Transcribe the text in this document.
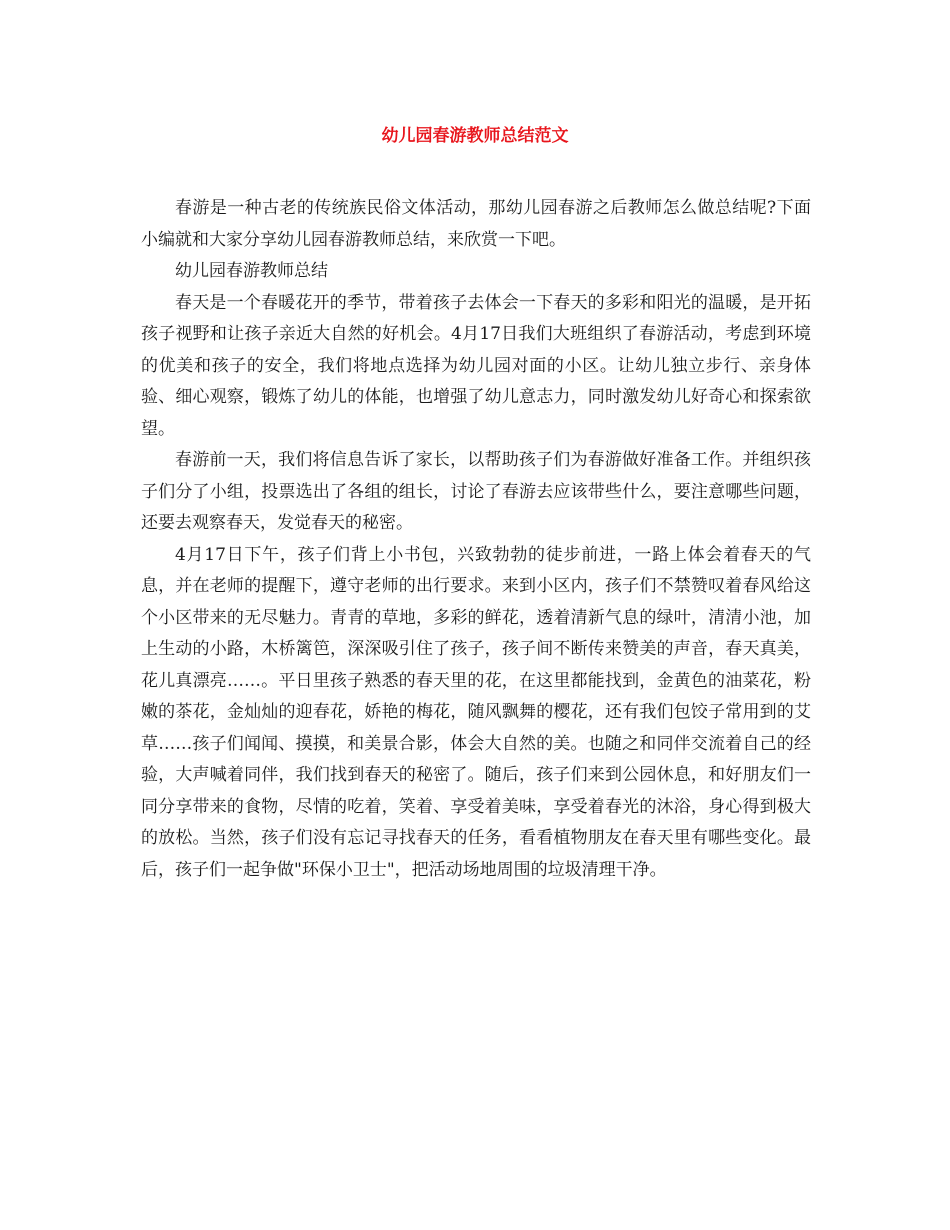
幼儿园春游教师总结范文

春游是一种古老的传统族民俗文体活动，那幼儿园春游之后教师怎么做总结呢?下面小编就和大家分享幼儿园春游教师总结，来欣赏一下吧。

幼儿园春游教师总结

春天是一个春暖花开的季节，带着孩子去体会一下春天的多彩和阳光的温暖，是开拓孩子视野和让孩子亲近大自然的好机会。4月17日我们大班组织了春游活动，考虑到环境的优美和孩子的安全，我们将地点选择为幼儿园对面的小区。让幼儿独立步行、亲身体验、细心观察，锻炼了幼儿的体能，也增强了幼儿意志力，同时激发幼儿好奇心和探索欲望。

春游前一天，我们将信息告诉了家长，以帮助孩子们为春游做好准备工作。并组织孩子们分了小组，投票选出了各组的组长，讨论了春游去应该带些什么，要注意哪些问题，还要去观察春天，发觉春天的秘密。

4月17日下午，孩子们背上小书包，兴致勃勃的徒步前进，一路上体会着春天的气息，并在老师的提醒下，遵守老师的出行要求。来到小区内，孩子们不禁赞叹着春风给这个小区带来的无尽魅力。青青的草地，多彩的鲜花，透着清新气息的绿叶，清清小池，加上生动的小路，木桥篱笆，深深吸引住了孩子，孩子间不断传来赞美的声音，春天真美，花儿真漂亮……。平日里孩子熟悉的春天里的花，在这里都能找到，金黄色的油菜花，粉嫩的茶花，金灿灿的迎春花，娇艳的梅花，随风飘舞的樱花，还有我们包饺子常用到的艾草……孩子们闻闻、摸摸，和美景合影，体会大自然的美。也随之和同伴交流着自己的经验，大声喊着同伴，我们找到春天的秘密了。随后，孩子们来到公园休息，和好朋友们一同分享带来的食物，尽情的吃着，笑着、享受着美味，享受着春光的沐浴，身心得到极大的放松。当然，孩子们没有忘记寻找春天的任务，看看植物朋友在春天里有哪些变化。最后，孩子们一起争做"环保小卫士"，把活动场地周围的垃圾清理干净。
